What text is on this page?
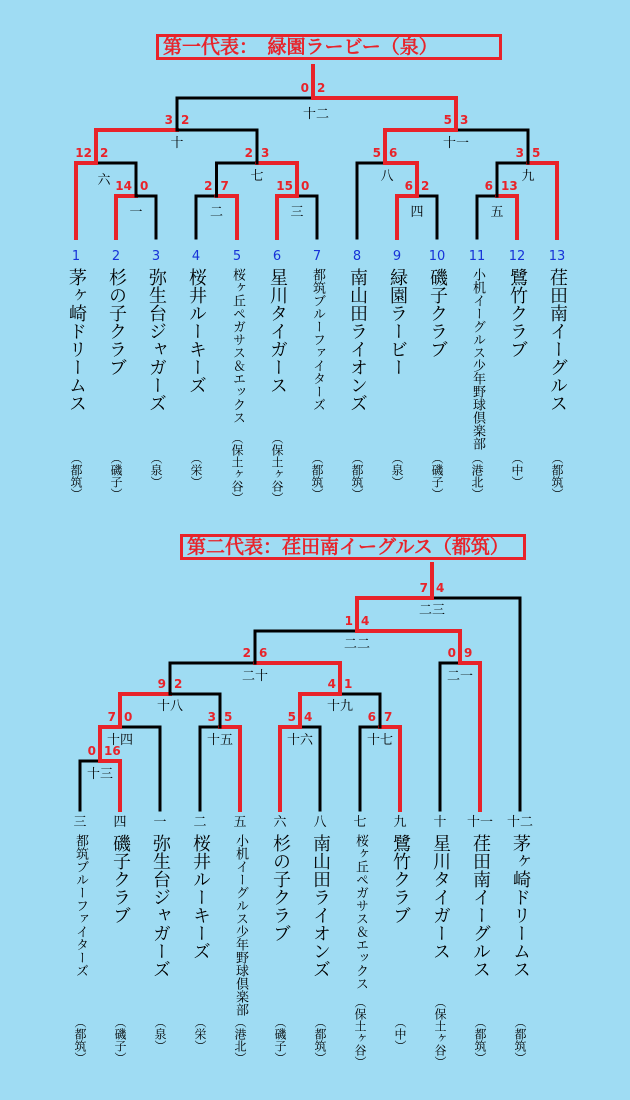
第一代表：　緑園ラービー（泉）
第二代表：荏田南イーグルス（都筑）
1 2 3 4	5 6 7 8 9 10 11 12 13
一
14 0
二
2 7
三
15 0
四
6 2
五
6 13
六
12 2
七
2 3
八
5 6
九
3 5
十
3 2
十一
5 3
十二
0 2
三 四 一 二 五 六 八 七 九 十 十一 十二
十三
0 16
十四
7 0
十五
3 5
十六
5 4
十七
6 7
十八
9 2
十九
4 1
二十
2 6
二一
0 9
二二
1 4
二三
7 4
茅ヶ崎ドリームス
（都筑）
杉の子クラブ
（磯子）
弥生台ジャガーズ
（泉）
桜井ルーキーズ
（栄）
桜ヶ丘ペガサス＆エックス
（保土ヶ谷）
星川タイガース
（保土ヶ谷）
都筑ブルーファイターズ
（都筑）
南山田ライオンズ
（都筑）
緑園ラービー
（泉）
磯子クラブ
（磯子）
小机イーグルス少年野球倶楽部
（港北）
鷺竹クラブ
（中）
荏田南イーグルス
（都筑）
都筑ブルーファイターズ
（都筑）
磯子クラブ
（磯子）
弥生台ジャガーズ
（泉）
桜井ルーキーズ
（栄）
小机イーグルス少年野球倶楽部
（港北）
杉の子クラブ
（磯子）
南山田ライオンズ
（都筑）
桜ヶ丘ペガサス＆エックス
（保土ヶ谷）
鷺竹クラブ
（中）
星川タイガース
（保土ヶ谷）
荏田南イーグルス
（都筑）
茅ヶ崎ドリームス
（都筑）
